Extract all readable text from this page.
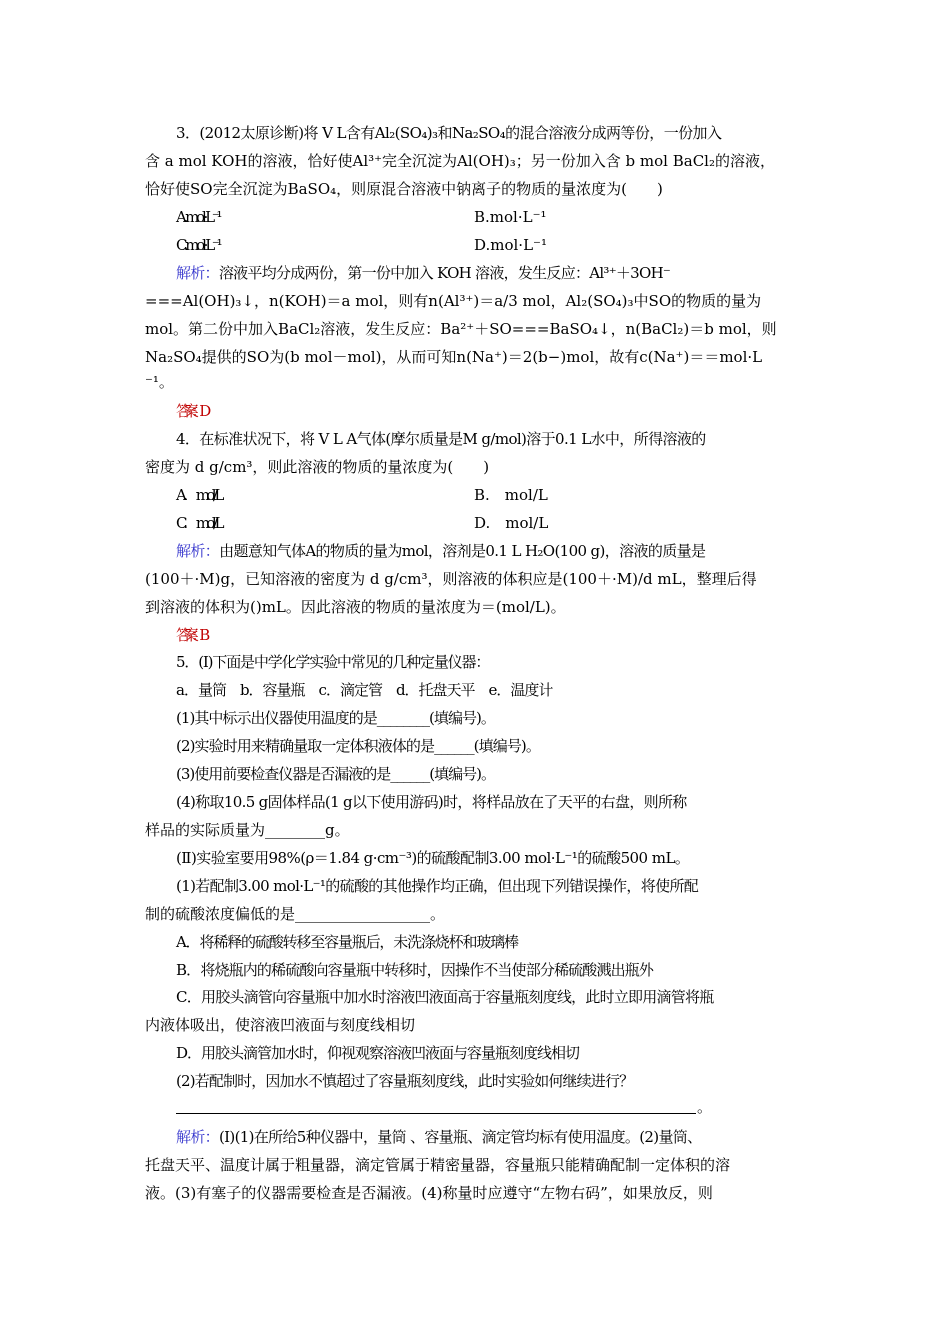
3．(2012太原诊断)将 V L含有Al₂(SO₄)₃和Na₂SO₄的混合溶液分成两等份，一份加入
含 a mol KOH的溶液，恰好使Al³⁺完全沉淀为Al(OH)₃；另一份加入含 b mol BaCl₂的溶液，
恰好使SO完全沉淀为BaSO₄，则原混合溶液中钠离子的物质的量浓度为(　　)
A.mol·L⁻¹	B.mol·L⁻¹
C.mol·L⁻¹	D.mol·L⁻¹
解析：溶液平均分成两份，第一份中加入 KOH 溶液，发生反应：Al³⁺＋3OH⁻
===Al(OH)₃↓，n(KOH)＝a mol，则有n(Al³⁺)＝a/3 mol，Al₂(SO₄)₃中SO的物质的量为
mol。第二份中加入BaCl₂溶液，发生反应：Ba²⁺＋SO===BaSO₄↓，n(BaCl₂)＝b mol，则
Na₂SO₄提供的SO为(b mol－mol)，从而可知n(Na⁺)＝2(b−)mol，故有c(Na⁺)＝＝mol·L
⁻¹。
答案：D
4．在标准状况下，将 V L A气体(摩尔质量是M g/mol)溶于0.1 L水中，所得溶液的
密度为 d g/cm³，则此溶液的物质的量浓度为(　　)
A.　mol/L	B.　mol/L
C.　mol/L	D.　mol/L
解析：由题意知气体A的物质的量为mol，溶剂是0.1 L H₂O(100 g)，溶液的质量是
(100＋·M)g，已知溶液的密度为 d g/cm³，则溶液的体积应是(100＋·M)/d mL，整理后得
到溶液的体积为()mL。因此溶液的物质的量浓度为＝(mol/L)。
答案：B
5．(Ⅰ)下面是中学化学实验中常见的几种定量仪器：
a．量筒　b．容量瓶　c．滴定管　d．托盘天平　e．温度计
(1)其中标示出仪器使用温度的是________(填编号)。
(2)实验时用来精确量取一定体积液体的是______(填编号)。
(3)使用前要检查仪器是否漏液的是______(填编号)。
(4)称取10.5 g固体样品(1 g以下使用游码)时，将样品放在了天平的右盘，则所称
样品的实际质量为________g。
(Ⅱ)实验室要用98%(ρ＝1.84 g·cm⁻³)的硫酸配制3.00 mol·L⁻¹的硫酸500 mL。
(1)若配制3.00 mol·L⁻¹的硫酸的其他操作均正确，但出现下列错误操作，将使所配
制的硫酸浓度偏低的是__________________。
A．将稀释的硫酸转移至容量瓶后，未洗涤烧杯和玻璃棒
B．将烧瓶内的稀硫酸向容量瓶中转移时，因操作不当使部分稀硫酸溅出瓶外
C．用胶头滴管向容量瓶中加水时溶液凹液面高于容量瓶刻度线，此时立即用滴管将瓶
内液体吸出，使溶液凹液面与刻度线相切
D．用胶头滴管加水时，仰视观察溶液凹液面与容量瓶刻度线相切
(2)若配制时，因加水不慎超过了容量瓶刻度线，此时实验如何继续进行？
。
解析：(Ⅰ)(1)在所给5种仪器中，量筒 、容量瓶、滴定管均标有使用温度。(2)量筒、
托盘天平、温度计属于粗量器，滴定管属于精密量器，容量瓶只能精确配制一定体积的溶
液。(3)有塞子的仪器需要检查是否漏液。(4)称量时应遵守“左物右码”，如果放反，则
